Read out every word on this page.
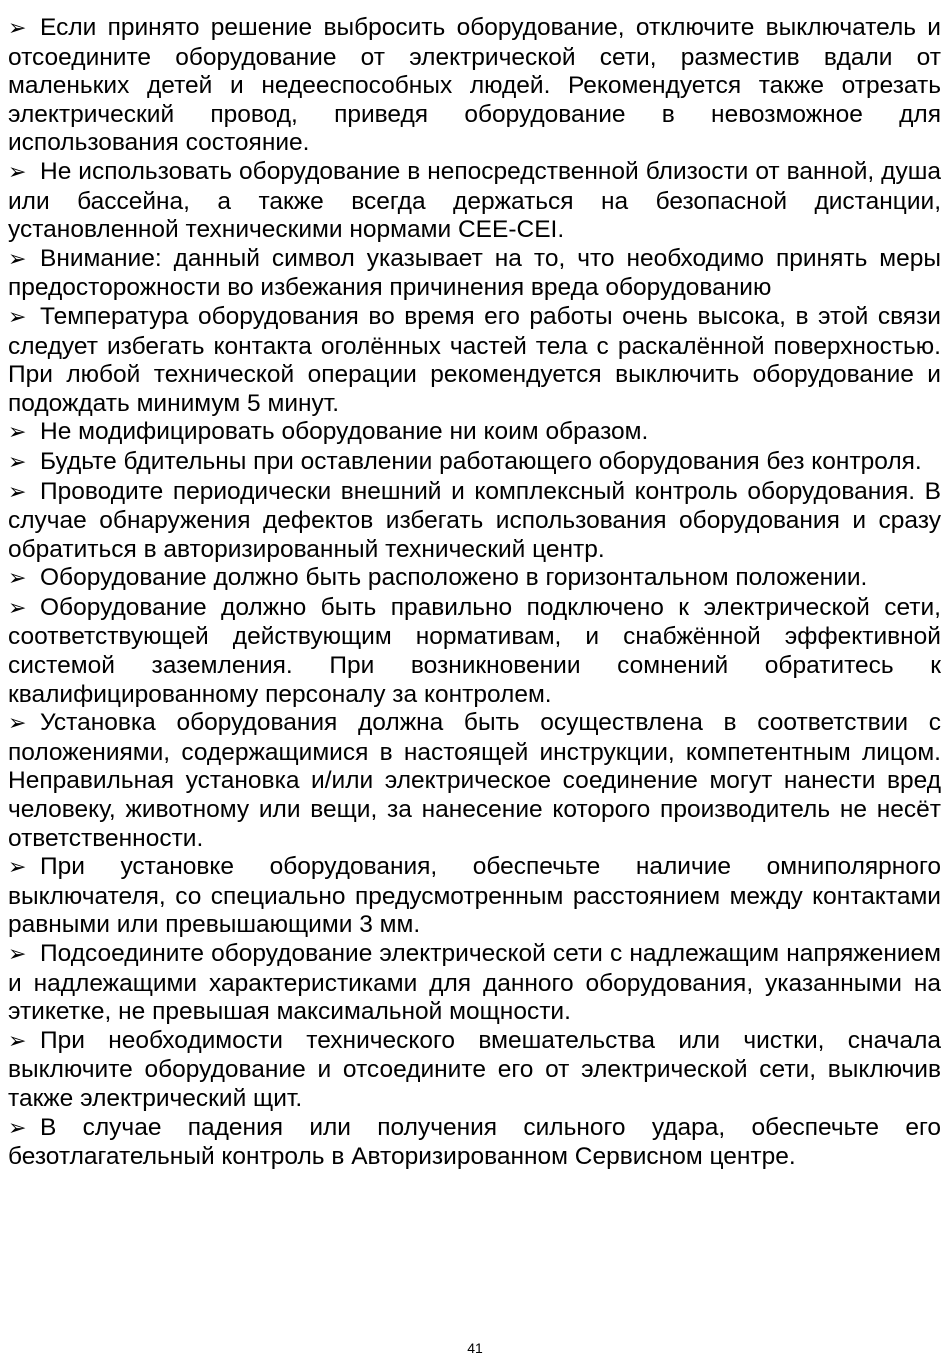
➢ Если принято решение выбросить оборудование, отключите выключатель и отсоедините оборудование от электрической сети, разместив вдали от маленьких детей и недееспособных людей. Рекомендуется также отрезать электрический провод, приведя оборудование в невозможное для использования состояние.
➢ Не использовать оборудование в непосредственной близости от ванной, душа или бассейна, а также всегда держаться на безопасной дистанции, установленной техническими нормами CEE-CEI.
➢ Внимание: данный символ указывает на то, что необходимо принять меры предосторожности во избежания причинения вреда оборудованию
➢ Температура оборудования во время его работы очень высока, в этой связи следует избегать контакта оголённых частей тела с раскалённой поверхностью. При любой технической операции рекомендуется выключить оборудование и подождать минимум 5 минут.
➢ Не модифицировать оборудование ни коим образом.
➢ Будьте бдительны при оставлении работающего оборудования без контроля.
➢ Проводите периодически внешний и комплексный контроль оборудования. В случае обнаружения дефектов избегать использования оборудования и сразу обратиться в авторизированный технический центр.
➢ Оборудование должно быть расположено в горизонтальном положении.
➢ Оборудование должно быть правильно подключено к электрической сети, соответствующей действующим нормативам, и снабжённой эффективной системой заземления. При возникновении сомнений обратитесь к квалифицированному персоналу за контролем.
➢ Установка оборудования должна быть осуществлена в соответствии с положениями, содержащимися в настоящей инструкции, компетентным лицом. Неправильная установка и/или электрическое соединение могут нанести вред человеку, животному или вещи, за нанесение которого производитель не несёт ответственности.
➢ При установке оборудования, обеспечьте наличие омниполярного выключателя, со специально предусмотренным расстоянием между контактами равными или превышающими 3 мм.
➢ Подсоедините оборудование электрической сети с надлежащим напряжением и надлежащими характеристиками для данного оборудования, указанными на этикетке, не превышая максимальной мощности.
➢ При необходимости технического вмешательства или чистки, сначала выключите оборудование и отсоедините его от электрической сети, выключив также электрический щит.
➢ В случае падения или получения сильного удара, обеспечьте его безотлагательный контроль в Авторизированном Сервисном центре.
41
